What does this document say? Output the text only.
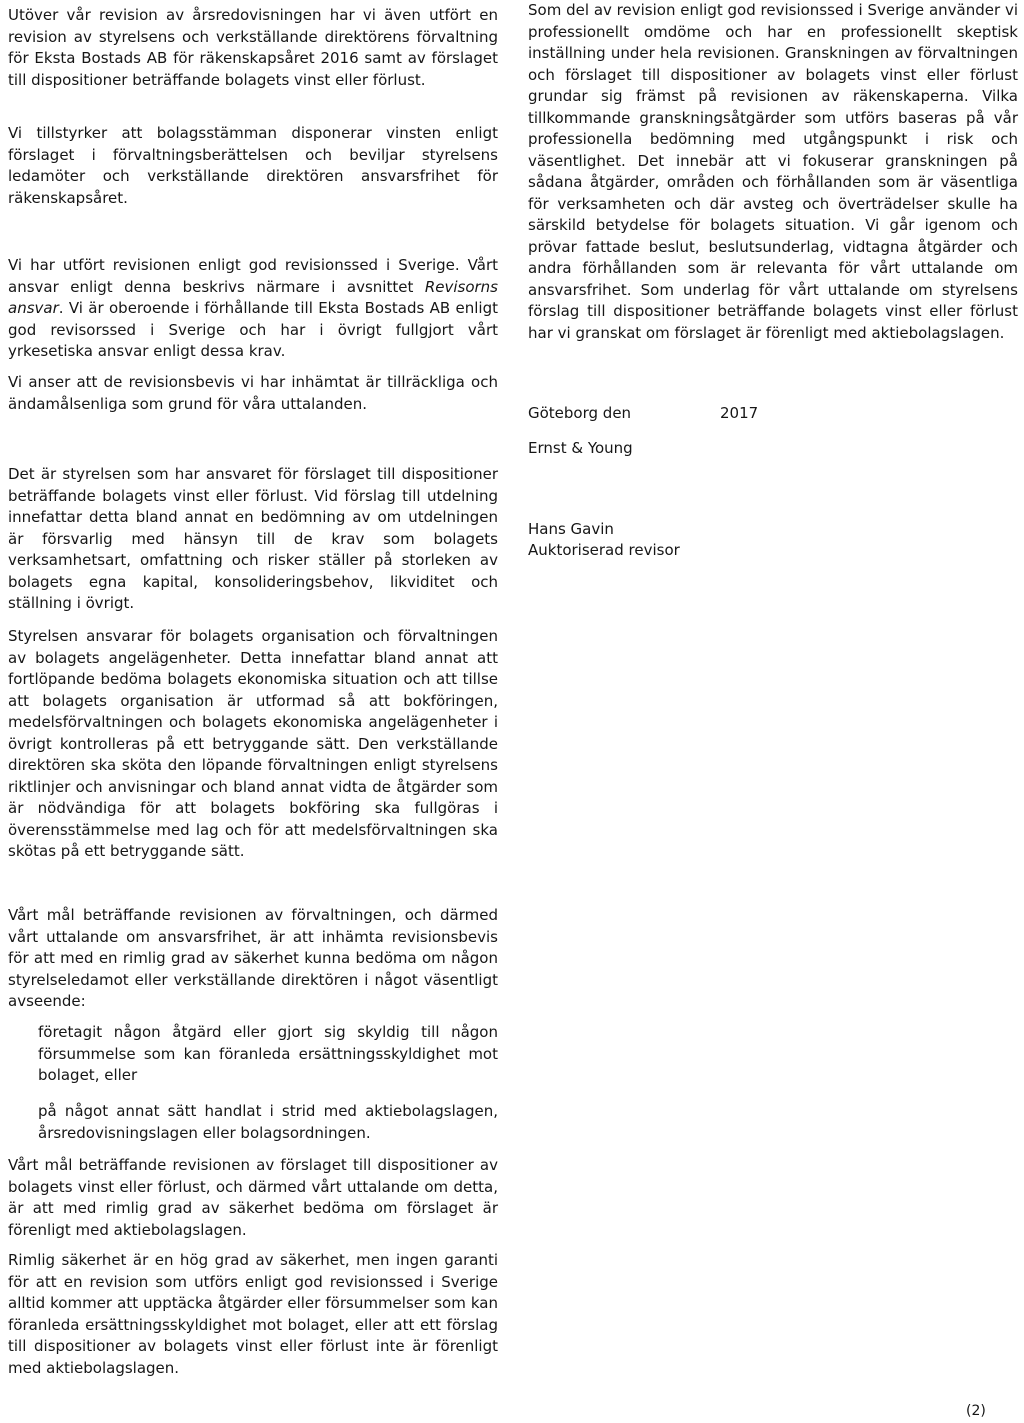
Utöver vår revision av årsredovisningen har vi även utfört en revision av styrelsens och verkställande direktörens förvaltning för Eksta Bostads AB för räkenskapsåret 2016 samt av förslaget till dispositioner beträffande bolagets vinst eller förlust.

Vi tillstyrker att bolagsstämman disponerar vinsten enligt förslaget i förvaltningsberättelsen och beviljar styrelsens ledamöter och verkställande direktören ansvarsfrihet för räkenskapsåret.

Vi har utfört revisionen enligt god revisionssed i Sverige. Vårt ansvar enligt denna beskrivs närmare i avsnittet Revisorns ansvar. Vi är oberoende i förhållande till Eksta Bostads AB enligt god revisorssed i Sverige och har i övrigt fullgjort vårt yrkesetiska ansvar enligt dessa krav.

Vi anser att de revisionsbevis vi har inhämtat är tillräckliga och ändamålsenliga som grund för våra uttalanden.

Det är styrelsen som har ansvaret för förslaget till dispositioner beträffande bolagets vinst eller förlust. Vid förslag till utdelning innefattar detta bland annat en bedömning av om utdelningen är försvarlig med hänsyn till de krav som bolagets verksamhetsart, omfattning och risker ställer på storleken av bolagets egna kapital, konsolideringsbehov, likviditet och ställning i övrigt.

Styrelsen ansvarar för bolagets organisation och förvaltningen av bolagets angelägenheter. Detta innefattar bland annat att fortlöpande bedöma bolagets ekonomiska situation och att tillse att bolagets organisation är utformad så att bokföringen, medelsförvaltningen och bolagets ekonomiska angelägenheter i övrigt kontrolleras på ett betryggande sätt. Den verkställande direktören ska sköta den löpande förvaltningen enligt styrelsens riktlinjer och anvisningar och bland annat vidta de åtgärder som är nödvändiga för att bolagets bokföring ska fullgöras i överensstämmelse med lag och för att medelsförvaltningen ska skötas på ett betryggande sätt.

Vårt mål beträffande revisionen av förvaltningen, och därmed vårt uttalande om ansvarsfrihet, är att inhämta revisionsbevis för att med en rimlig grad av säkerhet kunna bedöma om någon styrelseledamot eller verkställande direktören i något väsentligt avseende:

företagit någon åtgärd eller gjort sig skyldig till någon försummelse som kan föranleda ersättningsskyldighet mot bolaget, eller

på något annat sätt handlat i strid med aktiebolagslagen, årsredovisningslagen eller bolagsordningen.

Vårt mål beträffande revisionen av förslaget till dispositioner av bolagets vinst eller förlust, och därmed vårt uttalande om detta, är att med rimlig grad av säkerhet bedöma om förslaget är förenligt med aktiebolagslagen.

Rimlig säkerhet är en hög grad av säkerhet, men ingen garanti för att en revision som utförs enligt god revisionssed i Sverige alltid kommer att upptäcka åtgärder eller försummelser som kan föranleda ersättningsskyldighet mot bolaget, eller att ett förslag till dispositioner av bolagets vinst eller förlust inte är förenligt med aktiebolagslagen.

Som del av revision enligt god revisionssed i Sverige använder vi professionellt omdöme och har en professionellt skeptisk inställning under hela revisionen. Granskningen av förvaltningen och förslaget till dispositioner av bolagets vinst eller förlust grundar sig främst på revisionen av räkenskaperna. Vilka tillkommande granskningsåtgärder som utförs baseras på vår professionella bedömning med utgångspunkt i risk och väsentlighet. Det innebär att vi fokuserar granskningen på sådana åtgärder, områden och förhållanden som är väsentliga för verksamheten och där avsteg och överträdelser skulle ha särskild betydelse för bolagets situation. Vi går igenom och prövar fattade beslut, beslutsunderlag, vidtagna åtgärder och andra förhållanden som är relevanta för vårt uttalande om ansvarsfrihet. Som underlag för vårt uttalande om styrelsens förslag till dispositioner beträffande bolagets vinst eller förlust har vi granskat om förslaget är förenligt med aktiebolagslagen.

Göteborg den	2017
Ernst & Young
Hans Gavin
Auktoriserad revisor
(2)
